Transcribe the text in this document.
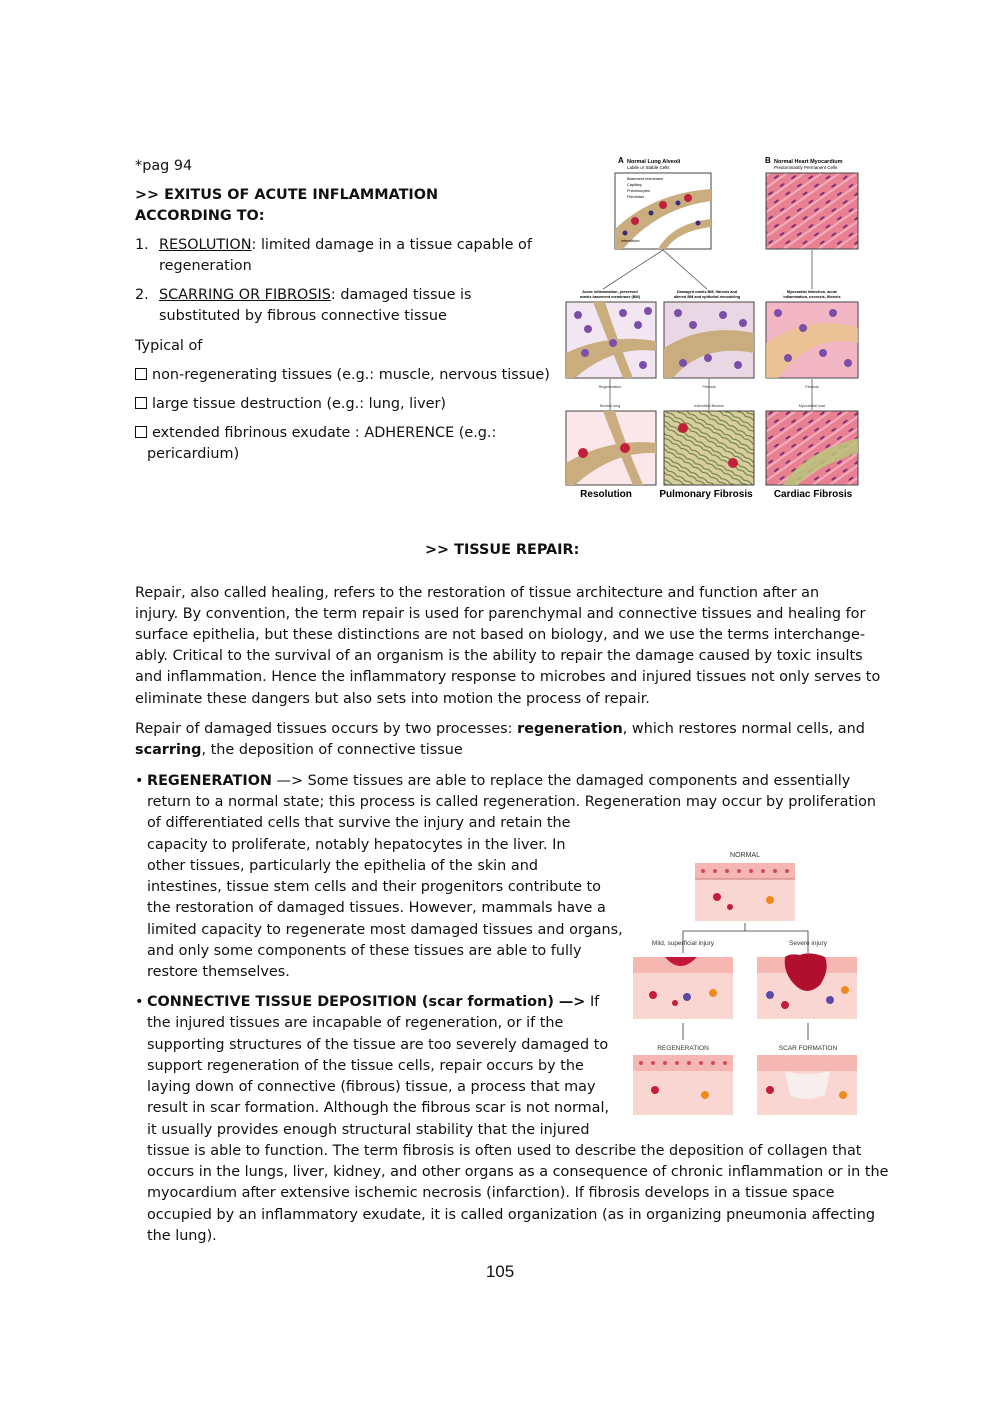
*pag 94
>> EXITUS OF ACUTE INFLAMMATION
ACCORDING TO:
1. RESOLUTION: limited damage in a tissue capable of
regeneration
2. SCARRING OR FIBROSIS: damaged tissue is
substituted by fibrous connective tissue
Typical of
non-regenerating tissues (e.g.: muscle, nervous tissue)
large tissue destruction (e.g.: lung, liver)
extended fibrinous exudate : ADHERENCE (e.g.:
pericardium)
A Normal Lung Alveoli
Labile or Stable Cells
Basement membrane
Capillary
Pneumocytes
Fibroblast
Interstitium
B Normal Heart Myocardium
Predominantly Permanent Cells
Acute inflammation, preserved
matrix basement membrane (BM)
Damaged matrix BM, fibrosis and
altered BM and epithelial remodeling
Myocardial infarction, acute
inflammation, necrosis, fibrosis
Regeneration	Fibrosis	Fibrosis
Normal lung	Interstitial fibrosis	Myocardial scar
Resolution	Pulmonary Fibrosis Cardiac Fibrosis
>> TISSUE REPAIR:
Repair, also called healing, refers to the restoration of tissue architecture and function after an
injury. By convention, the term repair is used for parenchymal and connective tissues and healing for
surface epithelia, but these distinctions are not based on biology, and we use the terms interchange-
ably. Critical to the survival of an organism is the ability to repair the damage caused by toxic insults
and inflammation. Hence the inflammatory response to microbes and injured tissues not only serves to
eliminate these dangers but also sets into motion the process of repair.
Repair of damaged tissues occurs by two processes: regeneration, which restores normal cells, and
scarring, the deposition of connective tissue
• REGENERATION —> Some tissues are able to replace the damaged components and essentially
return to a normal state; this process is called regeneration. Regeneration may occur by proliferation
of differentiated cells that survive the injury and retain the
capacity to proliferate, notably hepatocytes in the liver. In
other tissues, particularly the epithelia of the skin and
intestines, tissue stem cells and their progenitors contribute to
the restoration of damaged tissues. However, mammals have a
limited capacity to regenerate most damaged tissues and organs,
and only some components of these tissues are able to fully
restore themselves.
• CONNECTIVE TISSUE DEPOSITION (scar formation) —> If
the injured tissues are incapable of regeneration, or if the
supporting structures of the tissue are too severely damaged to
support regeneration of the tissue cells, repair occurs by the
laying down of connective (fibrous) tissue, a process that may
result in scar formation. Although the fibrous scar is not normal,
it usually provides enough structural stability that the injured
tissue is able to function. The term fibrosis is often used to describe the deposition of collagen that
occurs in the lungs, liver, kidney, and other organs as a consequence of chronic inflammation or in the
myocardium after extensive ischemic necrosis (infarction). If fibrosis develops in a tissue space
occupied by an inflammatory exudate, it is called organization (as in organizing pneumonia affecting
the lung).
NORMAL
Mild, superficial injury	Severe injury
REGENERATION	SCAR FORMATION
105
